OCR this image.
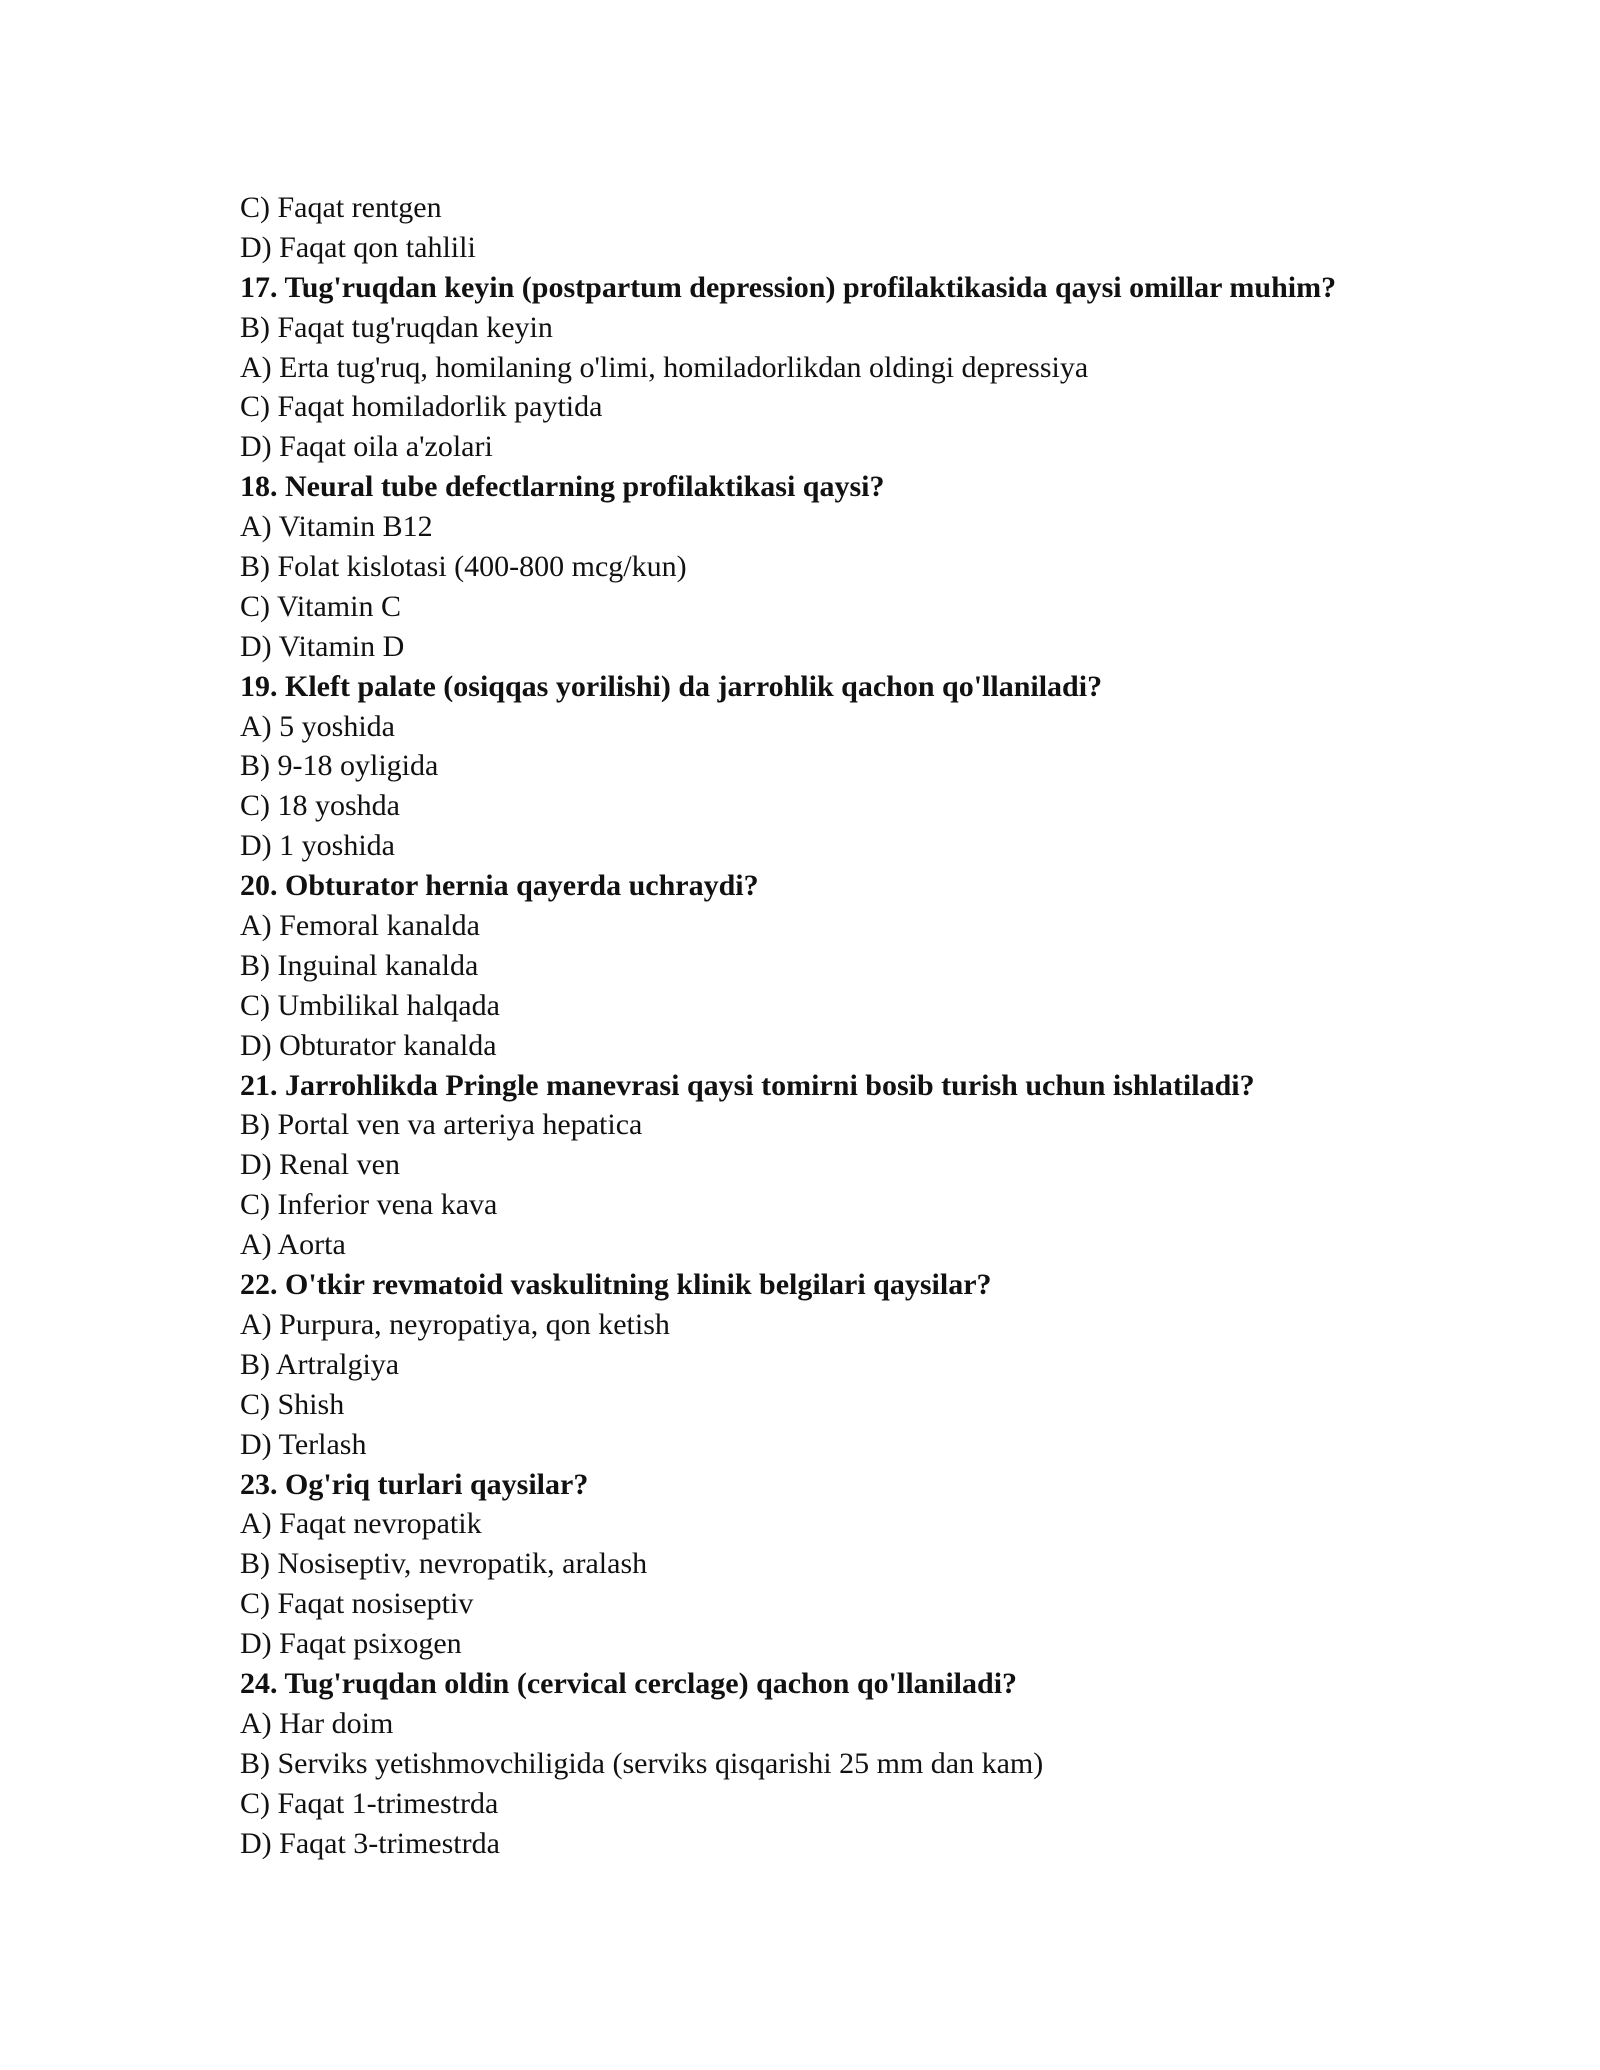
C) Faqat rentgen
D) Faqat qon tahlili
17. Tug'ruqdan keyin (postpartum depression) profilaktikasida qaysi omillar muhim?
B) Faqat tug'ruqdan keyin
A) Erta tug'ruq, homilaning o'limi, homiladorlikdan oldingi depressiya
C) Faqat homiladorlik paytida
D) Faqat oila a'zolari
18. Neural tube defectlarning profilaktikasi qaysi?
A) Vitamin B12
B) Folat kislotasi (400-800 mcg/kun)
C) Vitamin C
D) Vitamin D
19. Kleft palate (osiqqas yorilishi) da jarrohlik qachon qo'llaniladi?
A) 5 yoshida
B) 9-18 oyligida
C) 18 yoshda
D) 1 yoshida
20. Obturator hernia qayerda uchraydi?
A) Femoral kanalda
B) Inguinal kanalda
C) Umbilikal halqada
D) Obturator kanalda
21. Jarrohlikda Pringle manevrasi qaysi tomirni bosib turish uchun ishlatiladi?
B) Portal ven va arteriya hepatica
D) Renal ven
C) Inferior vena kava
A) Aorta
22. O'tkir revmatoid vaskulitning klinik belgilari qaysilar?
A) Purpura, neyropatiya, qon ketish
B) Artralgiya
C) Shish
D) Terlash
23. Og'riq turlari qaysilar?
A) Faqat nevropatik
B) Nosiseptiv, nevropatik, aralash
C) Faqat nosiseptiv
D) Faqat psixogen
24. Tug'ruqdan oldin (cervical cerclage) qachon qo'llaniladi?
A) Har doim
B) Serviks yetishmovchiligida (serviks qisqarishi 25 mm dan kam)
C) Faqat 1-trimestrda
D) Faqat 3-trimestrda
